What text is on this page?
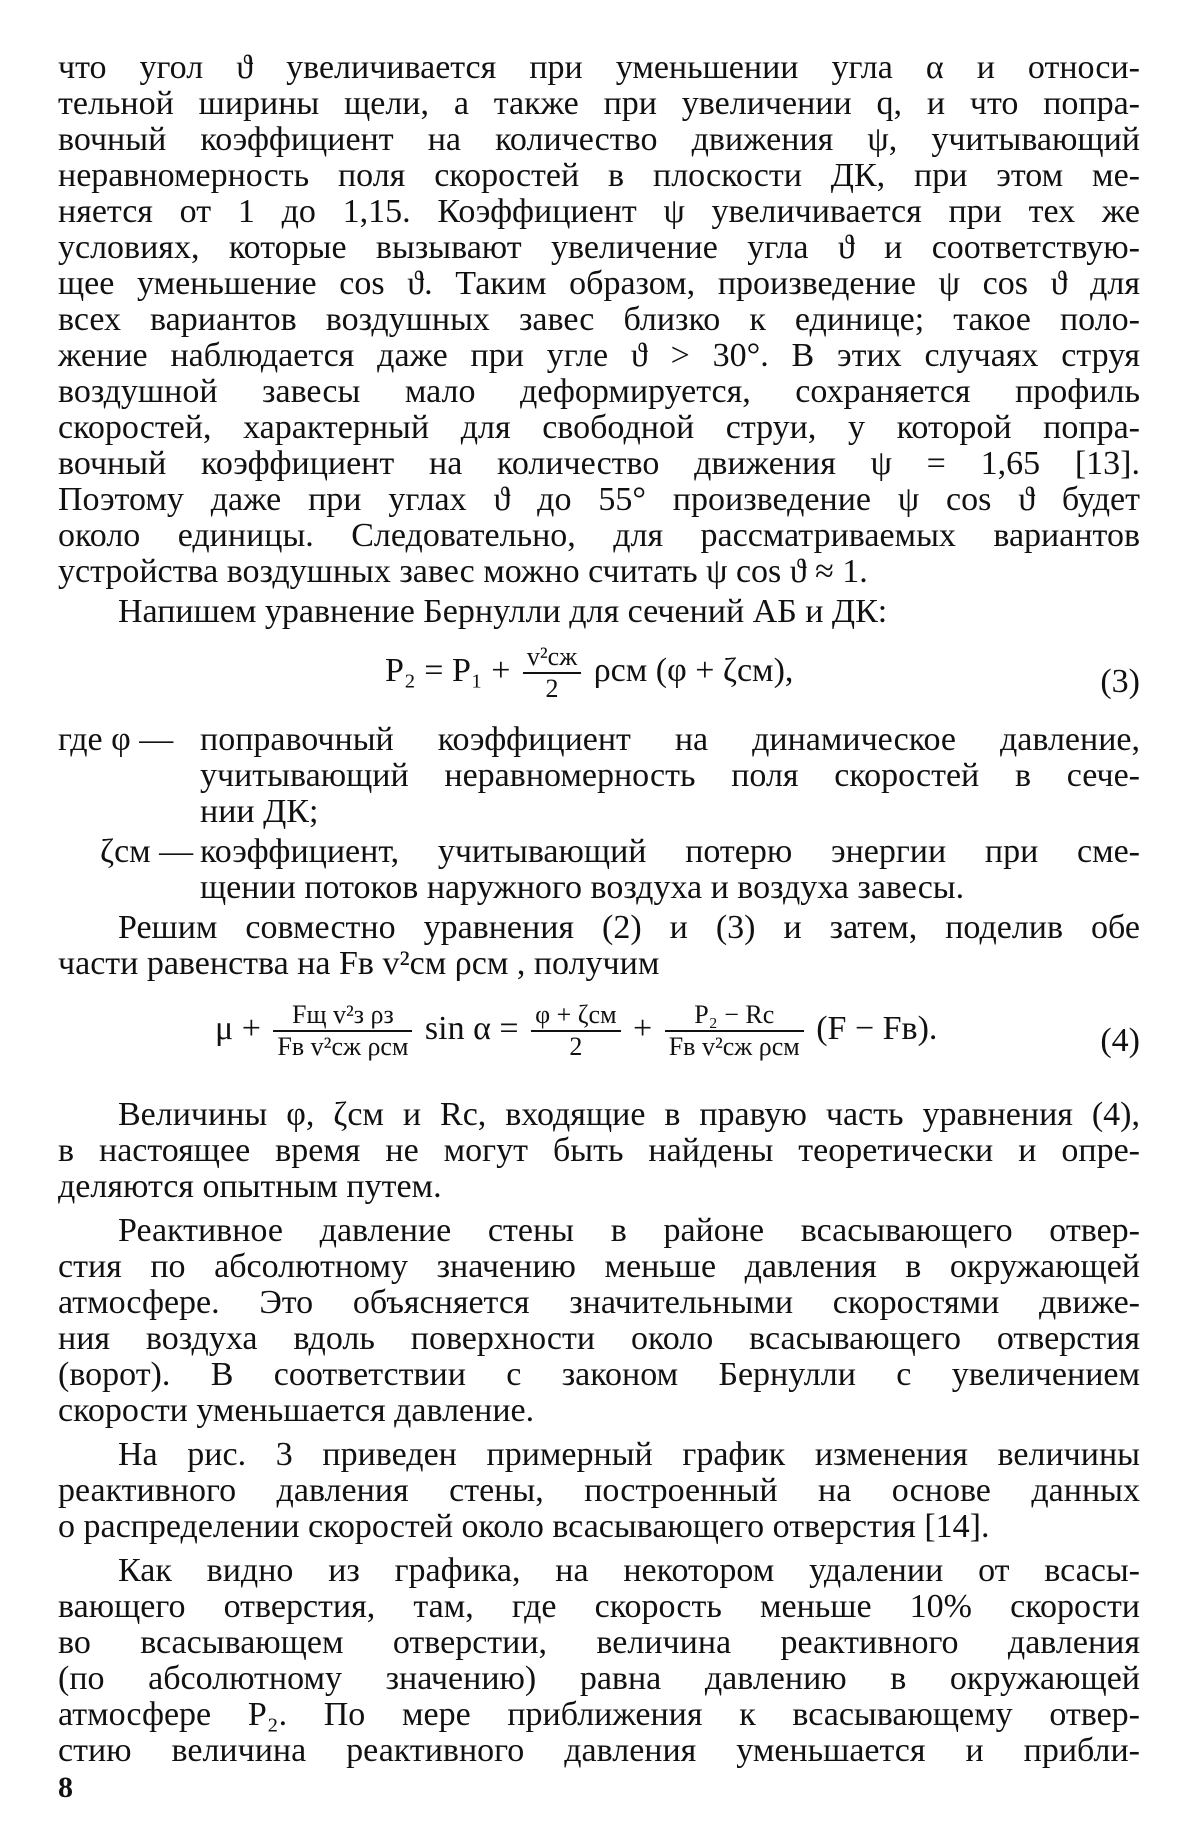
что угол ϑ увеличивается при уменьшении угла α и относи-
тельной ширины щели, а также при увеличении q, и что попра-
вочный коэффициент на количество движения ψ, учитывающий
неравномерность поля скоростей в плоскости ДК, при этом ме-
няется от 1 до 1,15. Коэффициент ψ увеличивается при тех же
условиях, которые вызывают увеличение угла ϑ и соответствую-
щее уменьшение cos ϑ. Таким образом, произведение ψ cos ϑ для
всех вариантов воздушных завес близко к единице; такое поло-
жение наблюдается даже при угле ϑ > 30°. В этих случаях струя
воздушной завесы мало деформируется, сохраняется профиль
скоростей, характерный для свободной струи, у которой попра-
вочный коэффициент на количество движения ψ = 1,65 [13].
Поэтому даже при углах ϑ до 55° произведение ψ cos ϑ будет
около единицы. Следовательно, для рассматриваемых вариантов
устройства воздушных завес можно считать ψ cos ϑ ≈ 1.
Напишем уравнение Бернулли для сечений АБ и ДК:
$P_2 = P_1 + \frac{\text{v²сж}}{2}$ ρсм (φ + ζсм),	(3)
где φ — поправочный коэффициент на динамическое давление,
учитывающий неравномерность поля скоростей в сече-
нии ДК;
ζсм — коэффициент, учитывающий потерю энергии при сме-
щении потоков наружного воздуха и воздуха завесы.
Решим совместно уравнения (2) и (3) и затем, поделив обе
части равенства на Fв v²см ρсм , получим
$\mu + \frac{\text{Fщ v²з ρз}}{\text{Fв v²сж ρсм}}$ $\sin \alpha = \frac{\text{φ + ζсм}}{2} + \frac{\text{P₂ − Rс}}{\text{Fв v²сж ρсм}} (F - Fв)$.	(4)
Величины φ, ζсм и Rс, входящие в правую часть уравнения (4),
в настоящее время не могут быть найдены теоретически и опре-
деляются опытным путем.
Реактивное давление стены в районе всасывающего отвер-
стия по абсолютному значению меньше давления в окружающей
атмосфере. Это объясняется значительными скоростями движе-
ния воздуха вдоль поверхности около всасывающего отверстия
(ворот). В соответствии с законом Бернулли с увеличением
скорости уменьшается давление.
На рис. 3 приведен примерный график изменения величины
реактивного давления стены, построенный на основе данных
о распределении скоростей около всасывающего отверстия [14].
Как видно из графика, на некотором удалении от всасы-
вающего отверстия, там, где скорость меньше 10% скорости
во всасывающем отверстии, величина реактивного давления
(по абсолютному значению) равна давлению в окружающей
атмосфере P₂. По мере приближения к всасывающему отвер-
стию величина реактивного давления уменьшается и прибли-
8
